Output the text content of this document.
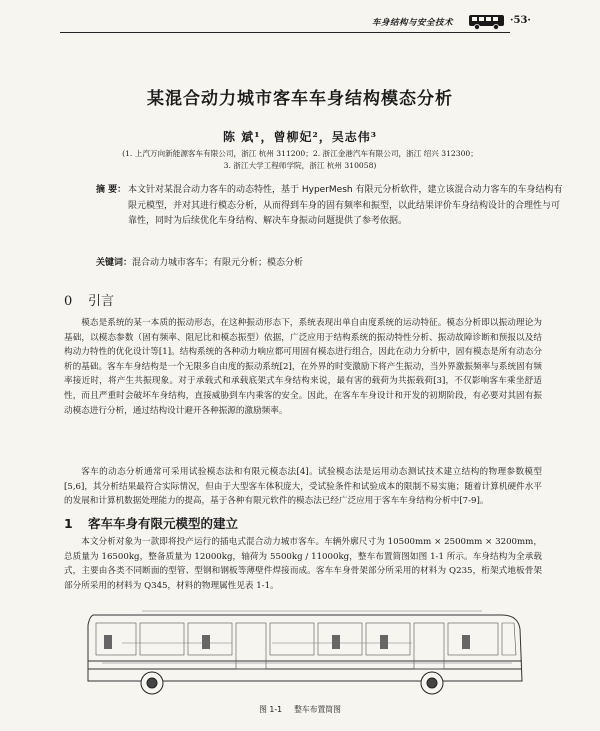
车身结构与安全技术	·53·
某混合动力城市客车车身结构模态分析
陈 斌¹，曾柳妃²，吴志伟³
(1. 上汽万向新能源客车有限公司，浙江 杭州 311200；2. 浙江金港汽车有限公司，浙江 绍兴 312300；
3. 浙江大学工程师学院，浙江 杭州 310058)
摘 要： 本文针对某混合动力客车的动态特性，基于 HyperMesh 有限元分析软件，建立该混合动力客车的车身结构有限元模型，并对其进行模态分析，从而得到车身的固有频率和振型，以此结果评价车身结构设计的合理性与可靠性，同时为后续优化车身结构、解决车身振动问题提供了参考依据。
关键词：混合动力城市客车；有限元分析；模态分析
0 引言

模态是系统的某一本质的振动形态，在这种振动形态下，系统表现出单自由度系统的运动特征。模态分析即以振动理论为基础，以模态参数（固有频率、阻尼比和模态振型）依据，广泛应用于结构系统的振动特性分析、振动故障诊断和预报以及结构动力特性的优化设计等[1]。结构系统的各种动力响应都可用固有模态进行组合，因此在动力分析中，固有模态是所有动态分析的基础。客车车身结构是一个无限多自由度的振动系统[2]，在外界的时变激励下将产生振动，当外界激振频率与系统固有频率接近时，将产生共振现象。对于承载式和承载底架式车身结构来说，最有害的载荷为共振载荷[3]，不仅影响客车乘坐舒适性，而且严重时会破坏车身结构，直接威胁到车内乘客的安全。因此，在客车车身设计和开发的初期阶段，有必要对其固有振动模态进行分析，通过结构设计避开各种振源的激励频率。

客车的动态分析通常可采用试验模态法和有限元模态法[4]。试验模态法是运用动态测试技术建立结构的物理参数模型[5,6]，其分析结果最符合实际情况，但由于大型客车体积庞大，受试验条件和试验成本的限制不易实施；随着计算机硬件水平的发展和计算机数据处理能力的提高，基于各种有限元软件的模态法已经广泛应用于客车车身结构分析中[7-9]。

1 客车车身有限元模型的建立

本文分析对象为一款即将投产运行的插电式混合动力城市客车。车辆外廓尺寸为 10500mm × 2500mm × 3200mm，总质量为 16500kg，整备质量为 12000kg，轴荷为 5500kg / 11000kg，整车布置简图如图 1-1 所示。车身结构为全承载式，主要由各类不同断面的型管、型钢和钢板等薄壁件焊接而成。客车车身骨架部分所采用的材料为 Q235，桁架式地板骨架部分所采用的材料为 Q345，材料的物理属性见表 1-1。

图 1-1 整车布置简图
